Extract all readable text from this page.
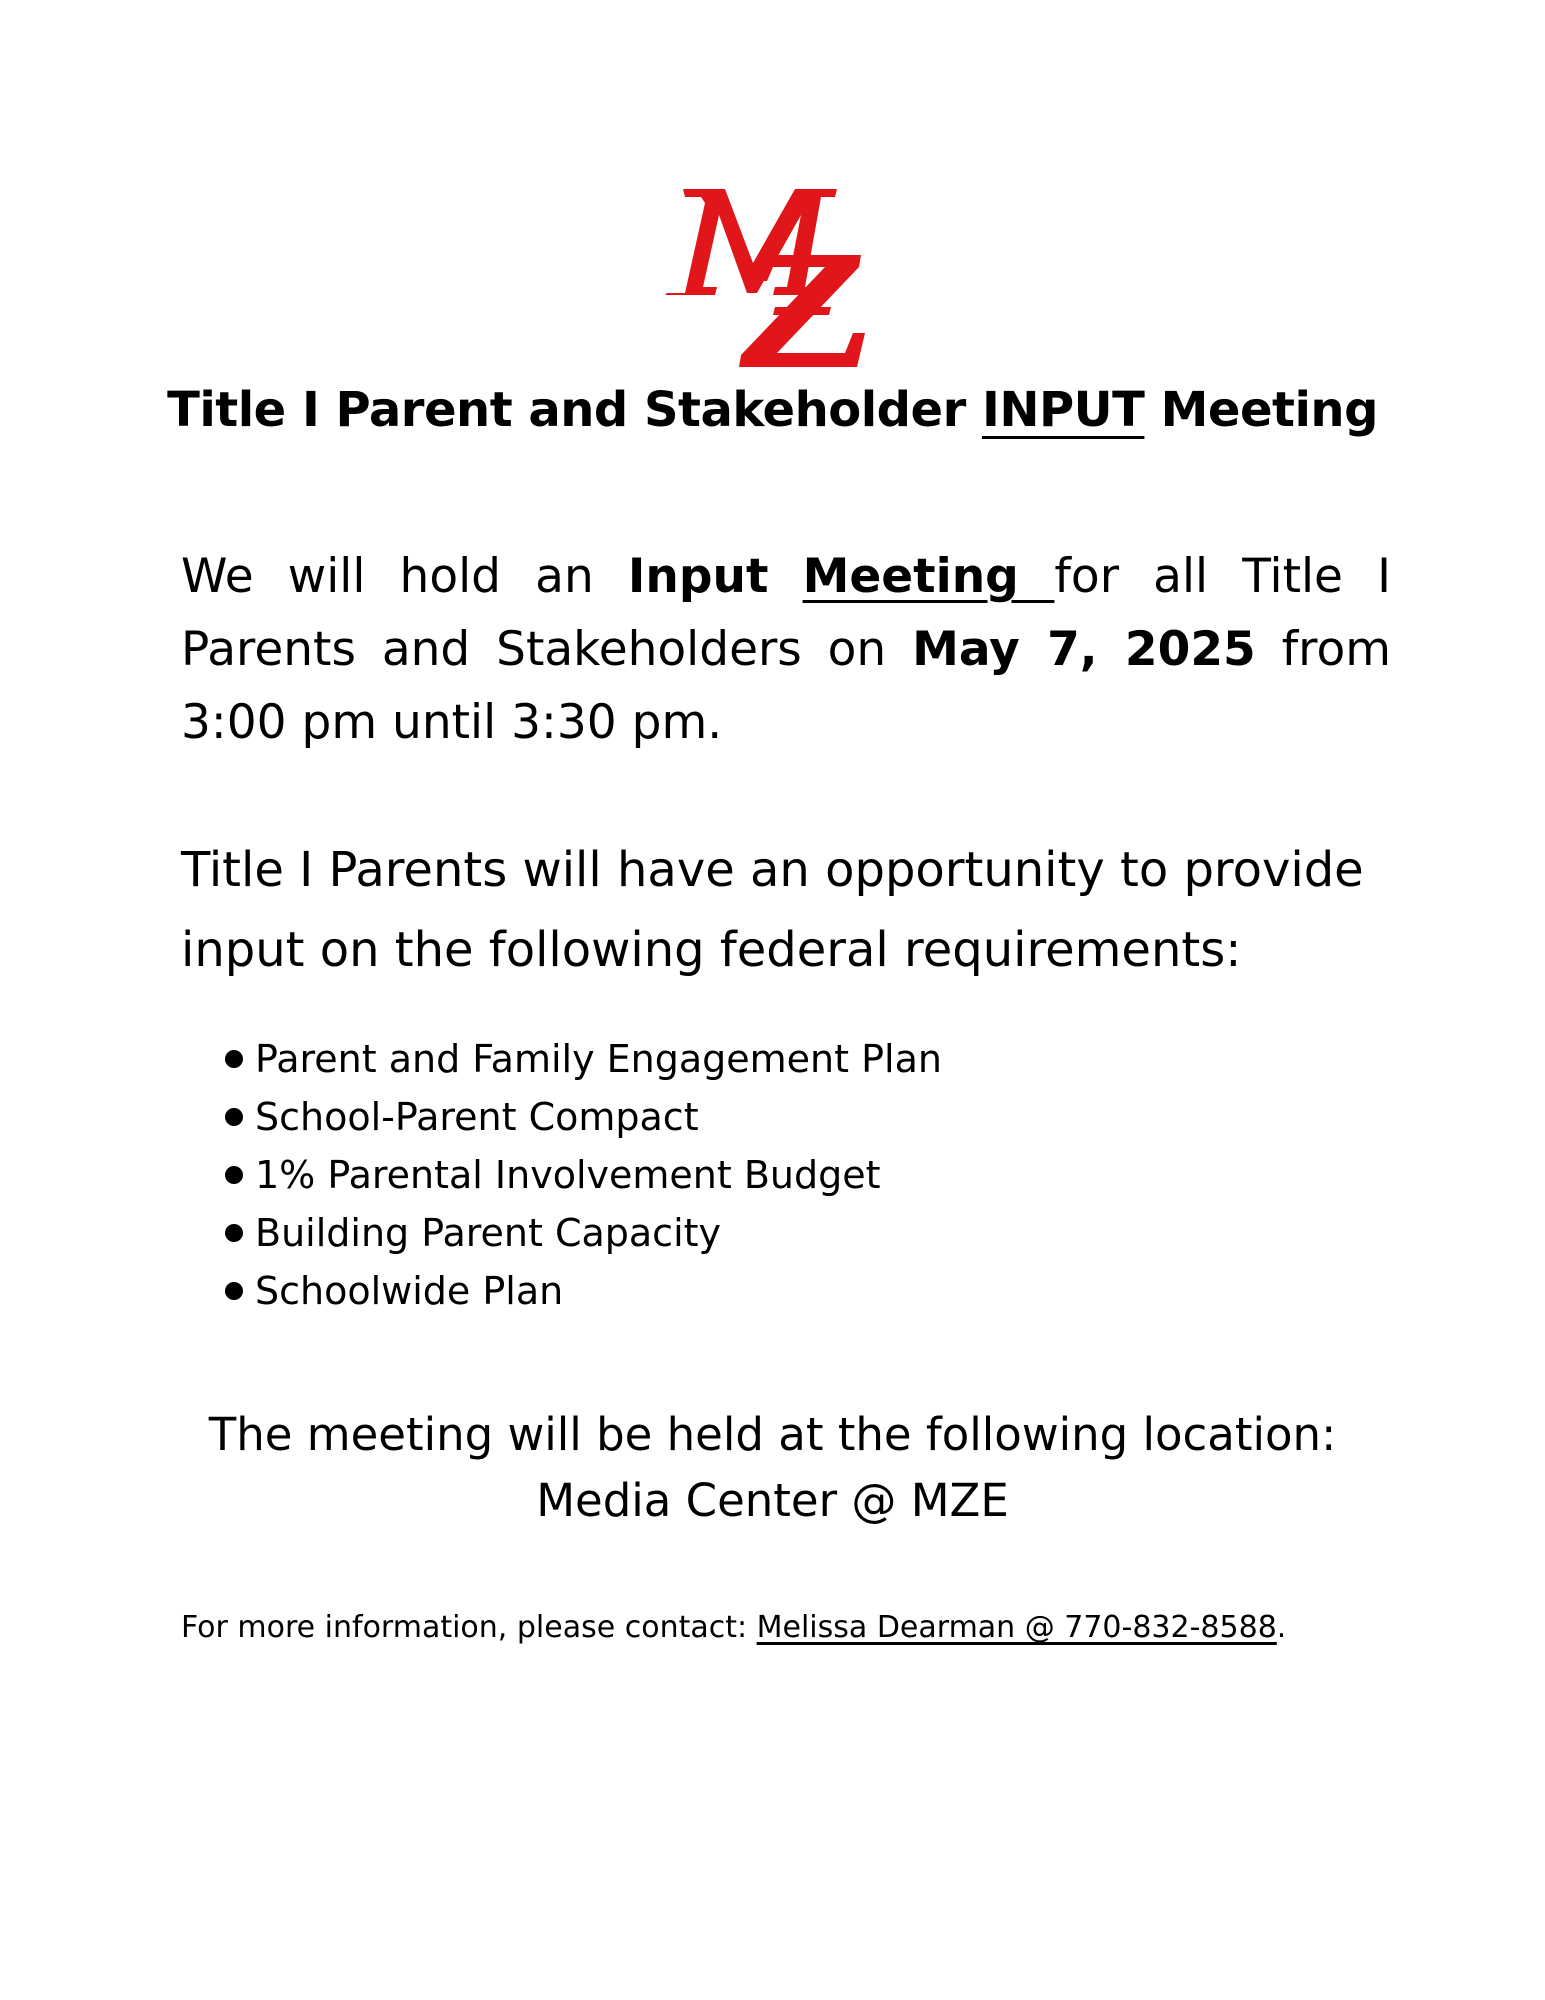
Title I Parent and Stakeholder INPUT Meeting
We will hold an Input Meeting for all Title I Parents and Stakeholders on May 7, 2025 from 3:00 pm until 3:30 pm.
Title I Parents will have an opportunity to provide input on the following federal requirements:
Parent and Family Engagement Plan
School-Parent Compact
1% Parental Involvement Budget
Building Parent Capacity
Schoolwide Plan
The meeting will be held at the following location:
Media Center @ MZE
For more information, please contact: Melissa Dearman @ 770-832-8588.
